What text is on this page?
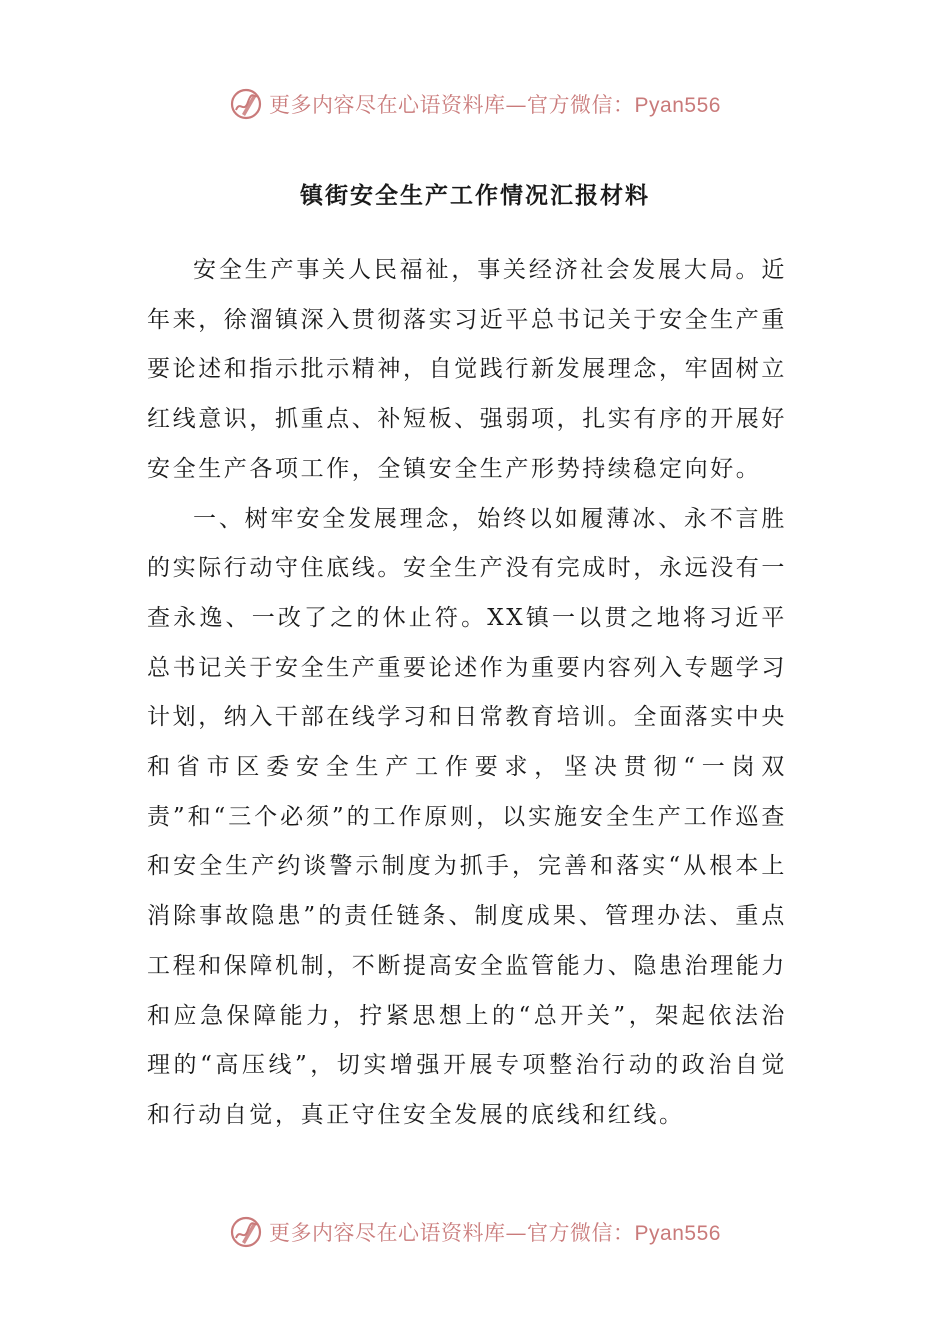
更多内容尽在心语资料库—官方微信：Pyan556
镇街安全生产工作情况汇报材料

安全生产事关人民福祉，事关经济社会发展大局。近年来，徐溜镇深入贯彻落实习近平总书记关于安全生产重要论述和指示批示精神，自觉践行新发展理念，牢固树立红线意识，抓重点、补短板、强弱项，扎实有序的开展好安全生产各项工作，全镇安全生产形势持续稳定向好。

一、树牢安全发展理念，始终以如履薄冰、永不言胜的实际行动守住底线。安全生产没有完成时，永远没有一查永逸、一改了之的休止符。XX镇一以贯之地将习近平总书记关于安全生产重要论述作为重要内容列入专题学习计划，纳入干部在线学习和日常教育培训。全面落实中央和省市区委安全生产工作要求，坚决贯彻“一岗双责”和“三个必须”的工作原则，以实施安全生产工作巡查和安全生产约谈警示制度为抓手，完善和落实“从根本上消除事故隐患”的责任链条、制度成果、管理办法、重点工程和保障机制，不断提高安全监管能力、隐患治理能力和应急保障能力，拧紧思想上的“总开关”，架起依法治理的“高压线”，切实增强开展专项整治行动的政治自觉和行动自觉，真正守住安全发展的底线和红线。

更多内容尽在心语资料库—官方微信：Pyan556
